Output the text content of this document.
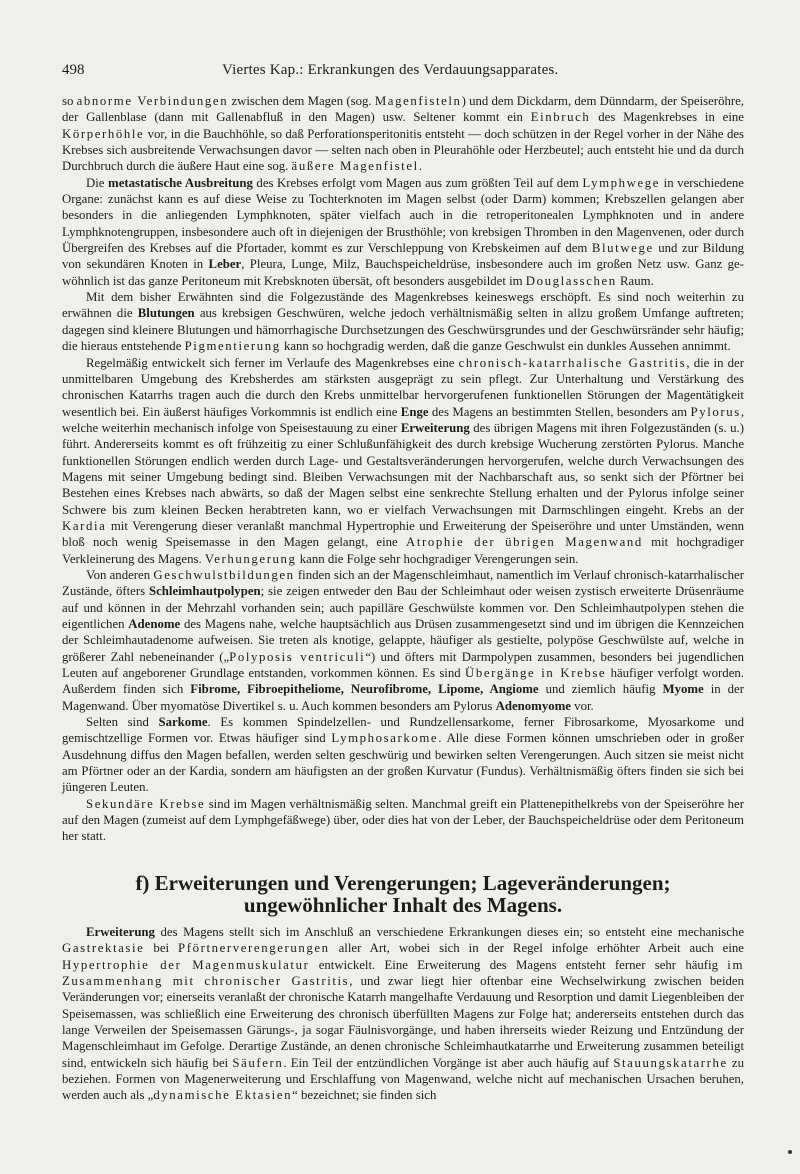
498	Viertes Kap.: Erkrankungen des Verdauungsapparates.

so abnorme Verbindungen zwischen dem Magen (sog. Magenfisteln) und dem Dickdarm, dem Dünndarm, der Speiseröhre, der Gallenblase (dann mit Gallenabfluß in den Magen) usw. Seltener kommt ein Einbruch des Magenkrebses in eine Körperhöhle vor, in die Bauchhöhle, so daß Perforationsperitonitis entsteht — doch schützen in der Regel vorher in der Nähe des Krebses sich ausbreitende Verwachsungen davor — selten nach oben in Pleurahöhle oder Herzbeutel; auch entsteht hie und da durch Durchbruch durch die äußere Haut eine sog. äußere Magenfistel.

Die metastatische Ausbreitung des Krebses erfolgt vom Magen aus zum größten Teil auf dem Lymphwege in verschiedene Organe: zunächst kann es auf diese Weise zu Tochterknoten im Magen selbst (oder Darm) kommen; Krebszellen gelangen aber besonders in die anliegenden Lymphknoten, später vielfach auch in die retroperitonealen Lymphknoten und in andere Lymphknotengruppen, insbesondere auch oft in diejenigen der Brusthöhle; von krebsigen Thromben in den Magenvenen, oder durch Übergreifen des Krebses auf die Pfortader, kommt es zur Verschleppung von Krebskeimen auf dem Blutwege und zur Bildung von sekundären Knoten in Leber, Pleura, Lunge, Milz, Bauchspeicheldrüse, insbesondere auch im großen Netz usw. Ganz gewöhnlich ist das ganze Peritoneum mit Krebsknoten übersät, oft besonders ausgebildet im Douglasschen Raum.

Mit dem bisher Erwähnten sind die Folgezustände des Magenkrebses keineswegs erschöpft. Es sind noch weiterhin zu erwähnen die Blutungen aus krebsigen Geschwüren, welche jedoch verhältnismäßig selten in allzu großem Umfange auftreten; dagegen sind kleinere Blutungen und hämorrhagische Durchsetzungen des Geschwürsgrundes und der Geschwürsränder sehr häufig; die hieraus entstehende Pigmentierung kann so hochgradig werden, daß die ganze Geschwulst ein dunkles Aussehen annimmt.

Regelmäßig entwickelt sich ferner im Verlaufe des Magenkrebses eine chronisch-katarrhalische Gastritis, die in der unmittelbaren Umgebung des Krebsherdes am stärksten ausgeprägt zu sein pflegt. Zur Unterhaltung und Verstärkung des chronischen Katarrhs tragen auch die durch den Krebs unmittelbar hervorgerufenen funktionellen Störungen der Magentätigkeit wesentlich bei. Ein äußerst häufiges Vorkommnis ist endlich eine Enge des Magens an bestimmten Stellen, besonders am Pylorus, welche weiterhin mechanisch infolge von Speisestauung zu einer Erweiterung des übrigen Magens mit ihren Folgezuständen (s. u.) führt. Andererseits kommt es oft frühzeitig zu einer Schlußunfähigkeit des durch krebsige Wucherung zerstörten Pylorus. Manche funktionellen Störungen endlich werden durch Lage- und Gestaltsveränderungen hervorgerufen, welche durch Verwachsungen des Magens mit seiner Umgebung bedingt sind. Bleiben Verwachsungen mit der Nachbarschaft aus, so senkt sich der Pförtner bei Bestehen eines Krebses nach abwärts, so daß der Magen selbst eine senkrechte Stellung erhalten und der Pylorus infolge seiner Schwere bis zum kleinen Becken herabtreten kann, wo er vielfach Verwachsungen mit Darmschlingen eingeht. Krebs an der Kardia mit Verengerung dieser veranlaßt manchmal Hypertrophie und Erweiterung der Speiseröhre und unter Umständen, wenn bloß noch wenig Speisemasse in den Magen gelangt, eine Atrophie der übrigen Magenwand mit hochgradiger Verkleinerung des Magens. Verhungerung kann die Folge sehr hochgradiger Verengerungen sein.

Von anderen Geschwulstbildungen finden sich an der Magenschleimhaut, namentlich im Verlauf chronisch-katarrhalischer Zustände, öfters Schleimhautpolypen; sie zeigen entweder den Bau der Schleimhaut oder weisen zystisch erweiterte Drüsenräume auf und können in der Mehrzahl vorhanden sein; auch papilläre Geschwülste kommen vor. Den Schleimhautpolypen stehen die eigentlichen Adenome des Magens nahe, welche hauptsächlich aus Drüsen zusammengesetzt sind und im übrigen die Kennzeichen der Schleimhautadenome aufweisen. Sie treten als knotige, gelappte, häufiger als gestielte, polypöse Geschwülste auf, welche in größerer Zahl nebeneinander („Polyposis ventriculi“) und öfters mit Darmpolypen zusammen, besonders bei jugendlichen Leuten auf angeborener Grundlage entstanden, vorkommen können. Es sind Übergänge in Krebse häufiger verfolgt worden. Außerdem finden sich Fibrome, Fibroepitheliome, Neurofibrome, Lipome, Angiome und ziemlich häufig Myome in der Magenwand. Über myomatöse Divertikel s. u. Auch kommen besonders am Pylorus Adenomyome vor.

Selten sind Sarkome. Es kommen Spindelzellen- und Rundzellensarkome, ferner Fibrosarkome, Myosarkome und gemischtzellige Formen vor. Etwas häufiger sind Lymphosarkome. Alle diese Formen können umschrieben oder in großer Ausdehnung diffus den Magen befallen, werden selten geschwürig und bewirken selten Verengerungen. Auch sitzen sie meist nicht am Pförtner oder an der Kardia, sondern am häufigsten an der großen Kurvatur (Fundus). Verhältnismäßig öfters finden sie sich bei jüngeren Leuten.

Sekundäre Krebse sind im Magen verhältnismäßig selten. Manchmal greift ein Plattenepithelkrebs von der Speiseröhre her auf den Magen (zumeist auf dem Lymphgefäßwege) über, oder dies hat von der Leber, der Bauchspeicheldrüse oder dem Peritoneum her statt.

f) Erweiterungen und Verengerungen; Lageveränderungen; ungewöhnlicher Inhalt des Magens.

Erweiterung des Magens stellt sich im Anschluß an verschiedene Erkrankungen dieses ein; so entsteht eine mechanische Gastrektasie bei Pförtnerverengerungen aller Art, wobei sich in der Regel infolge erhöhter Arbeit auch eine Hypertrophie der Magenmuskulatur entwickelt. Eine Erweiterung des Magens entsteht ferner sehr häufig im Zusammenhang mit chronischer Gastritis, und zwar liegt hier oftenbar eine Wechselwirkung zwischen beiden Veränderungen vor; einerseits veranlaßt der chronische Katarrh mangelhafte Verdauung und Resorption und damit Liegenbleiben der Speisemassen, was schließlich eine Erweiterung des chronisch überfüllten Magens zur Folge hat; andererseits entstehen durch das lange Verweilen der Speisemassen Gärungs-, ja sogar Fäulnisvorgänge, und haben ihrerseits wieder Reizung und Entzündung der Magenschleimhaut im Gefolge. Derartige Zustände, an denen chronische Schleimhautkatarrhe und Erweiterung zusammen beteiligt sind, entwickeln sich häufig bei Säufern. Ein Teil der entzündlichen Vorgänge ist aber auch häufig auf Stauungskatarrhe zu beziehen. Formen von Magenerweiterung und Erschlaffung von Magenwand, welche nicht auf mechanischen Ursachen beruhen, werden auch als „dynamische Ektasien“ bezeichnet; sie finden sich
